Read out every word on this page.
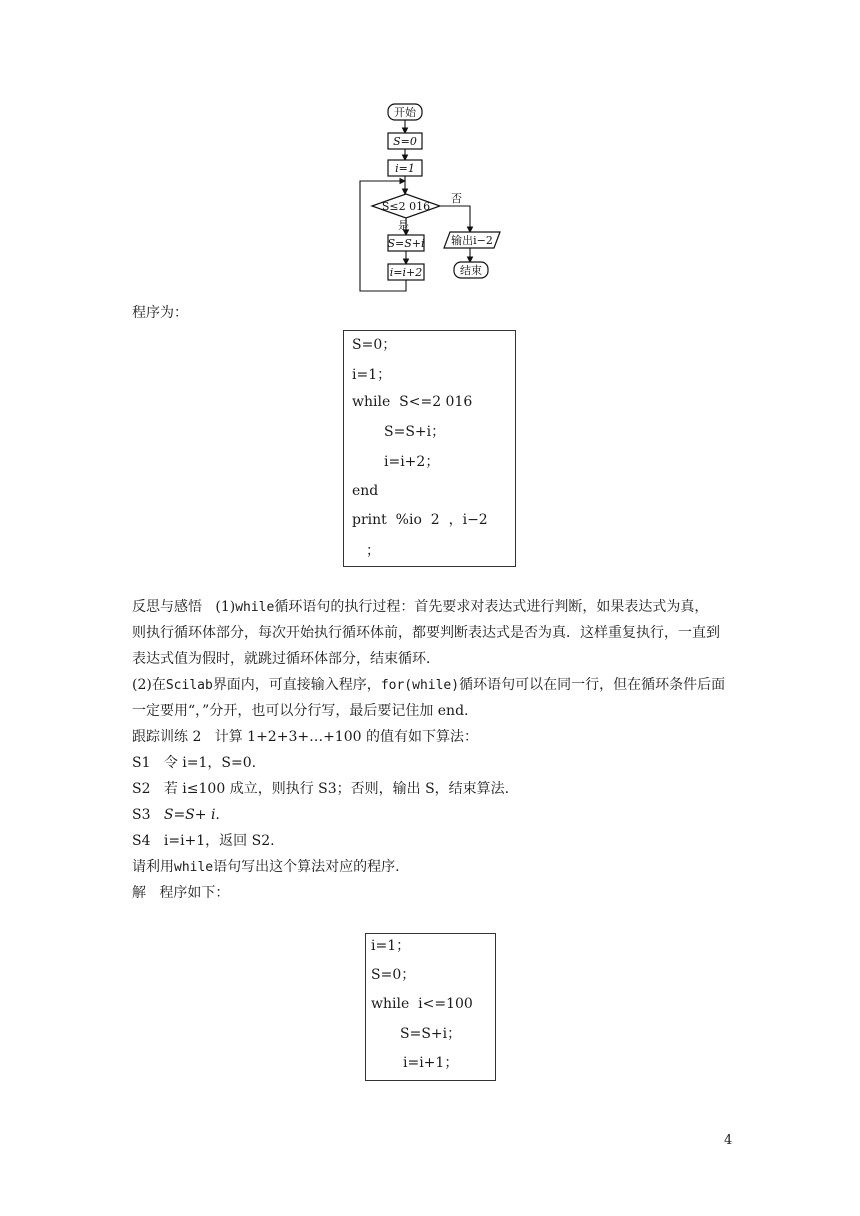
开始
S=0
i=1
S≤2 016
否
是
S=S+i
i=i+2
输出i−2
结束
程序为：
S=0；
i=1；
while  S<=2 016
S=S+i；
i=i+2；
end
print  %io  2  ，i−2
；
反思与感悟 (1)while循环语句的执行过程：首先要求对表达式进行判断，如果表达式为真，
则执行循环体部分，每次开始执行循环体前，都要判断表达式是否为真．这样重复执行，一直到
表达式值为假时，就跳过循环体部分，结束循环．
(2)在Scilab界面内，可直接输入程序，for(while)循环语句可以在同一行，但在循环条件后面
一定要用“，”分开，也可以分行写，最后要记住加 end.
跟踪训练 2 计算 1+2+3+…+100 的值有如下算法：
S1 令 i=1，S=0.
S2 若 i≤100 成立，则执行 S3；否则，输出 S，结束算法.
S3 S=S+ i.
S4 i=i+1，返回 S2.
请利用while语句写出这个算法对应的程序.
解 程序如下：
i=1；
S=0；
while  i<=100
S=S+i；
i=i+1；
4
